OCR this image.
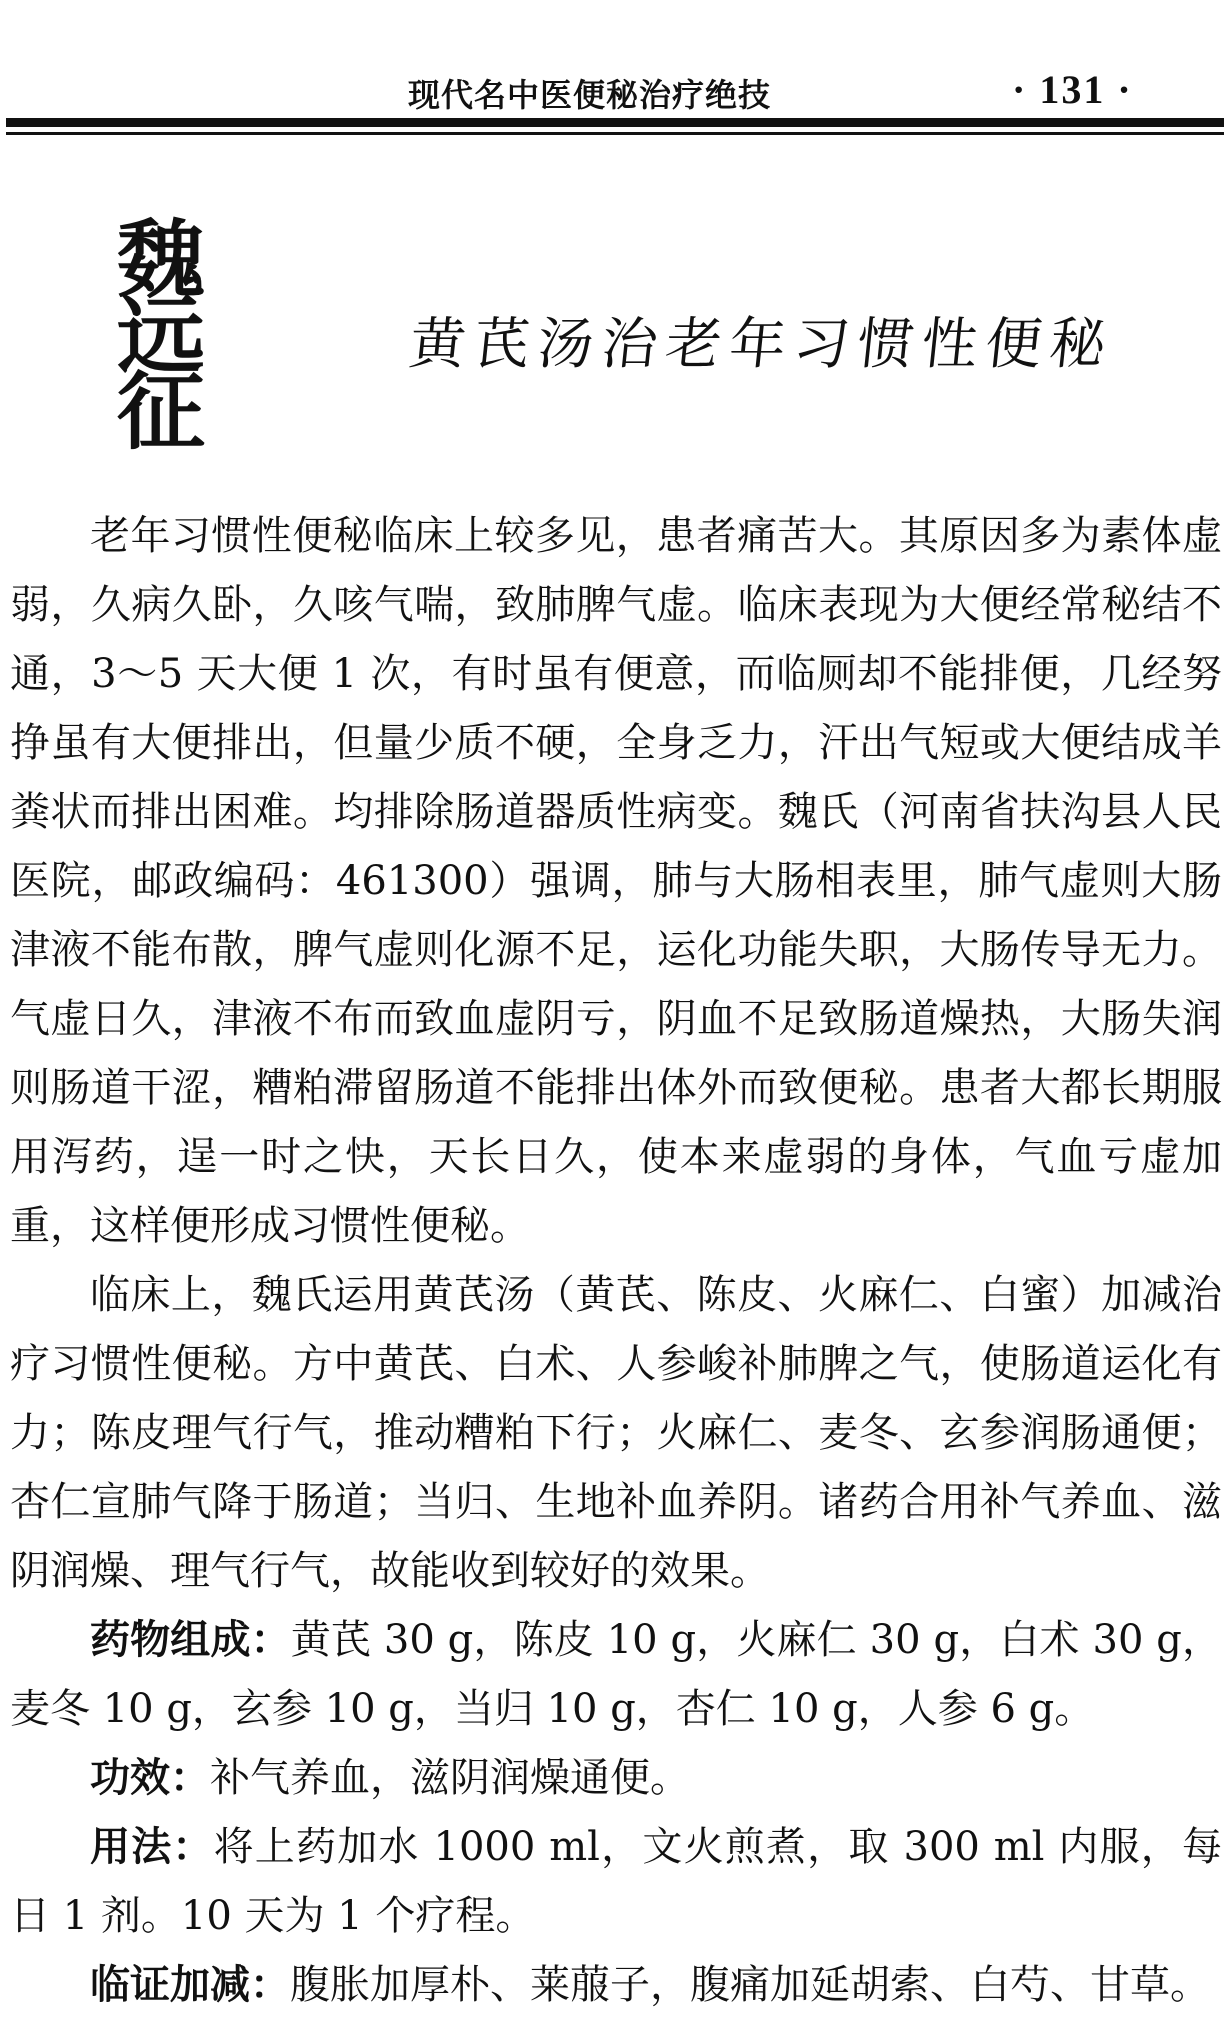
现代名中医便秘治疗绝技	· 131 ·
魏
远
征
黄芪汤治老年习惯性便秘

老年习惯性便秘临床上较多见，患者痛苦大。其原因多为素体虚弱，久病久卧，久咳气喘，致肺脾气虚。临床表现为大便经常秘结不通，3～5 天大便 1 次，有时虽有便意，而临厕却不能排便，几经努挣虽有大便排出，但量少质不硬，全身乏力，汗出气短或大便结成羊粪状而排出困难。均排除肠道器质性病变。魏氏（河南省扶沟县人民医院，邮政编码：461300）强调，肺与大肠相表里，肺气虚则大肠津液不能布散，脾气虚则化源不足，运化功能失职，大肠传导无力。气虚日久，津液不布而致血虚阴亏，阴血不足致肠道燥热，大肠失润则肠道干涩，糟粕滞留肠道不能排出体外而致便秘。患者大都长期服用泻药，逞一时之快，天长日久，使本来虚弱的身体，气血亏虚加重，这样便形成习惯性便秘。

临床上，魏氏运用黄芪汤（黄芪、陈皮、火麻仁、白蜜）加减治疗习惯性便秘。方中黄芪、白术、人参峻补肺脾之气，使肠道运化有力；陈皮理气行气，推动糟粕下行；火麻仁、麦冬、玄参润肠通便；杏仁宣肺气降于肠道；当归、生地补血养阴。诸药合用补气养血、滋阴润燥、理气行气，故能收到较好的效果。

药物组成：黄芪 30 g，陈皮 10 g，火麻仁 30 g，白术 30 g，麦冬 10 g，玄参 10 g，当归 10 g，杏仁 10 g，人参 6 g。

功效：补气养血，滋阴润燥通便。

用法：将上药加水 1000 ml，文火煎煮，取 300 ml 内服，每日 1 剂。10 天为 1 个疗程。

临证加减：腹胀加厚朴、莱菔子，腹痛加延胡索、白芍、甘草。
